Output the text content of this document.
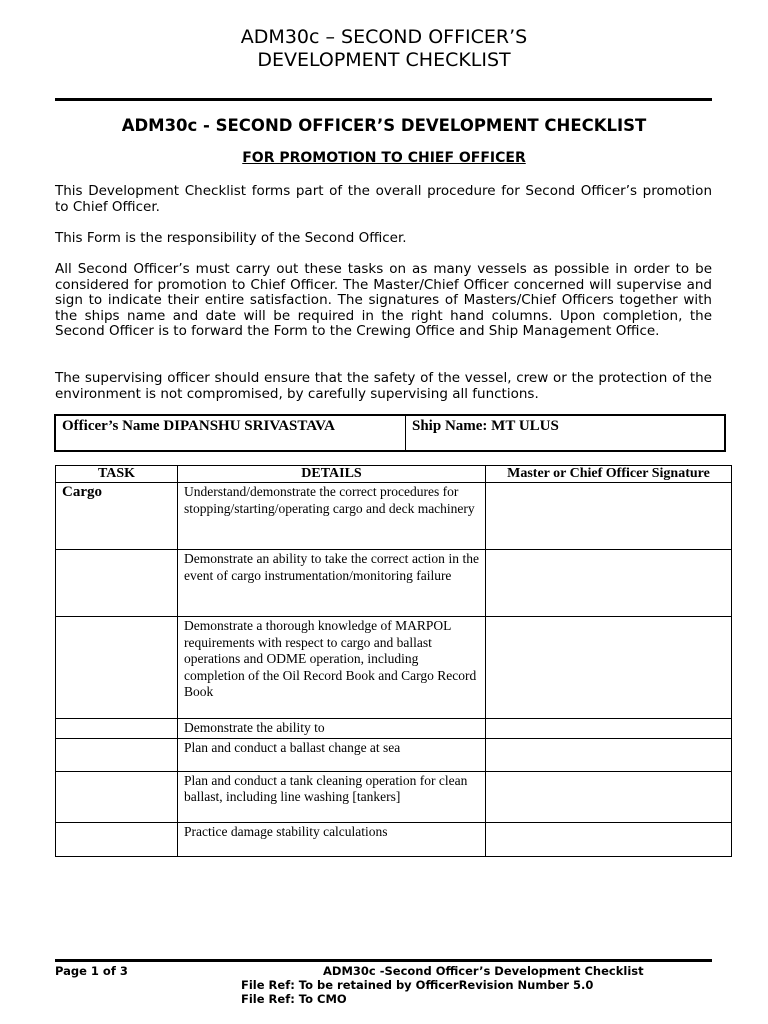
ADM30c – SECOND OFFICER’S
DEVELOPMENT CHECKLIST
ADM30c - SECOND OFFICER’S DEVELOPMENT CHECKLIST
FOR PROMOTION TO CHIEF OFFICER
This Development Checklist forms part of the overall procedure for Second Officer’s promotion to Chief Officer.
This Form is the responsibility of the Second Officer.
All Second Officer’s must carry out these tasks on as many vessels as possible in order to be considered for promotion to Chief Officer. The Master/Chief Officer concerned will supervise and sign to indicate their entire satisfaction. The signatures of Masters/Chief Officers together with the ships name and date will be required in the right hand columns. Upon completion, the Second Officer is to forward the Form to the Crewing Office and Ship Management Office.
The supervising officer should ensure that the safety of the vessel, crew or the protection of the environment is not compromised, by carefully supervising all functions.
Officer’s Name DIPANSHU SRIVASTAVA	Ship Name: MT ULUS
TASK	DETAILS	Master or Chief Officer Signature
Cargo	Understand/demonstrate the correct procedures for stopping/starting/operating cargo and deck machinery	
	Demonstrate an ability to take the correct action in the event of cargo instrumentation/monitoring failure	
	Demonstrate a thorough knowledge of MARPOL requirements with respect to cargo and ballast operations and ODME operation, including completion of the Oil Record Book and Cargo Record Book	
	Demonstrate the ability to	
	Plan and conduct a ballast change at sea	
	Plan and conduct a tank cleaning operation for clean ballast, including line washing [tankers]	
	Practice damage stability calculations	
Page 1 of 3	ADM30c -Second Officer’s Development Checklist
File Ref: To be retained by OfficerRevision Number 5.0
File Ref: To CMO
